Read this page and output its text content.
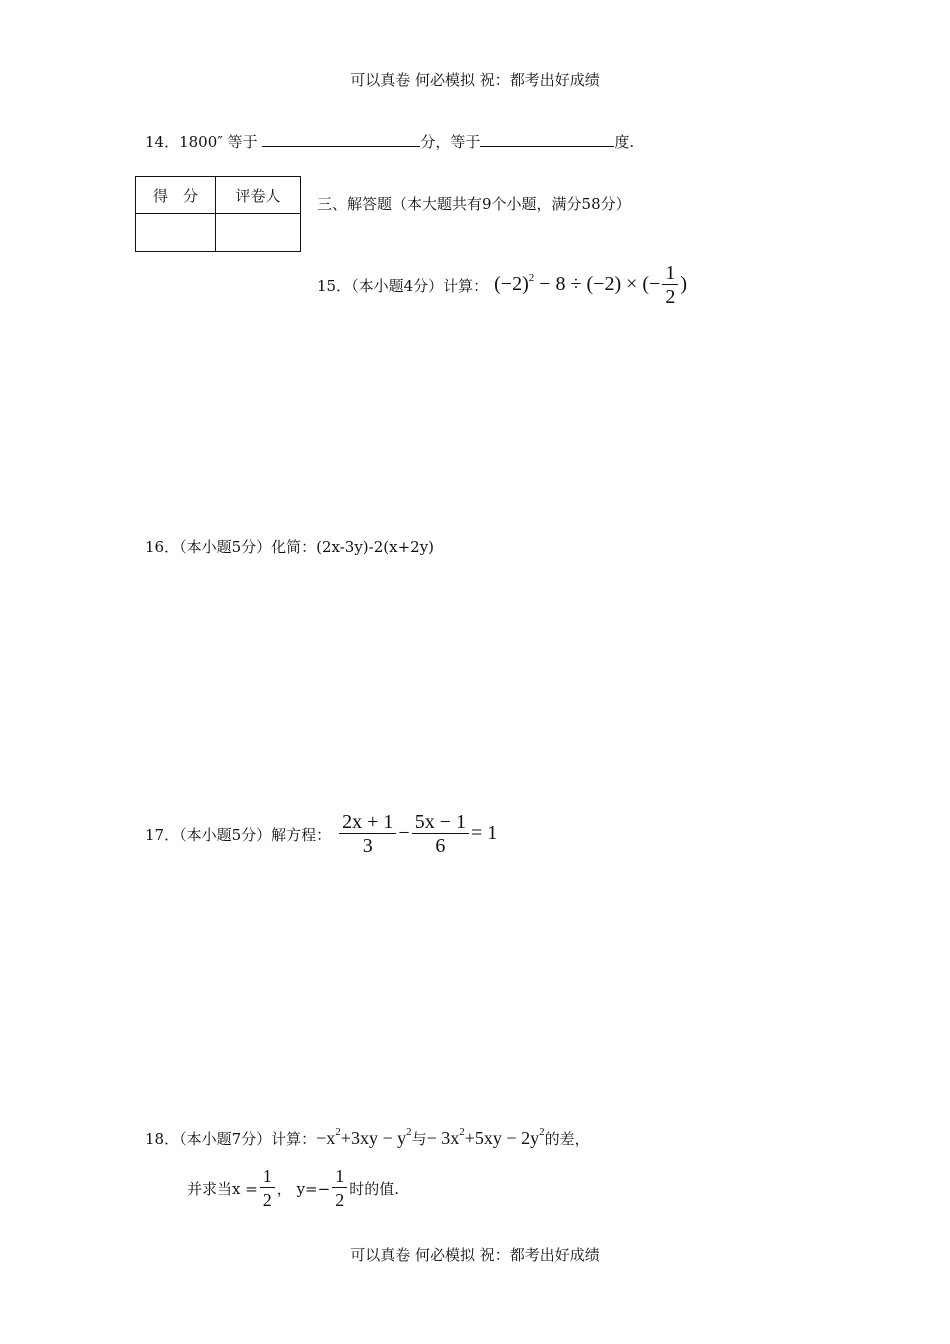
可以真卷 何必模拟 祝：都考出好成绩
14．1800″ 等于	分，等于	度.
得　分	评卷人
	三、解答题（本大题共有9个小题，满分58分）
15．（本小题4分）计算： $(-2)^2 - 8 \div (-2)$ × (− $\frac{1}{2}$ )
16．（本小题5分）化简：(2x-3y)-2(x+2y)
17．（本小题5分）解方程： $\frac{2x + 1}{3} - \frac{5x - 1}{6} = 1$
18．（本小题7分）计算： $-x^2+3xy - y^2$ 与 − $3x^2+5xy - 2y^2$ 的差，
并求当$x = \frac{1}{2}$ ， $y=- \frac{1}{2}$ 时的值.
可以真卷 何必模拟 祝：都考出好成绩
